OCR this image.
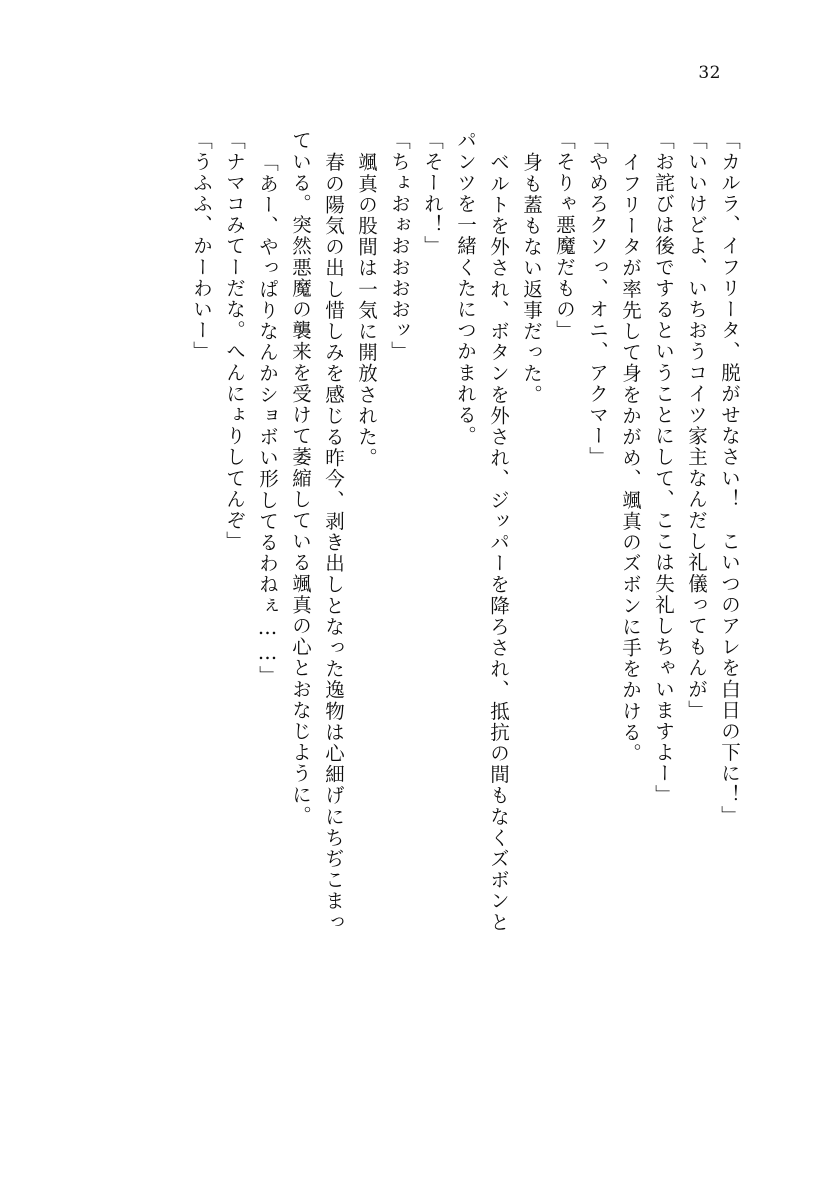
32
「カルラ、イフリータ、脱がせなさい！　こいつのアレを白日の下に！」
「いいけどよ、いちおうコイツ家主なんだし礼儀ってもんが」
「お詫びは後でするということにして、ここは失礼しちゃいますよー」
イフリータが率先して身をかがめ、颯真のズボンに手をかける。
「やめろクソっ、オニ、アクマー」
「そりゃ悪魔だもの」
身も蓋もない返事だった。
ベルトを外され、ボタンを外され、ジッパーを降ろされ、抵抗の間もなくズボンと
パンツを一緒くたにつかまれる。
「そーれ！」
「ちょおぉおおおおッ」
颯真の股間は一気に開放された。
春の陽気の出し惜しみを感じる昨今、剥き出しとなった逸物は心細げにちぢこまっ
ている。突然悪魔の襲来を受けて萎縮している颯真の心とおなじように。
「あー、やっぱりなんかショボい形してるわねぇ……」
「ナマコみてーだな。へんにょりしてんぞ」
「うふふ、かーわいー」
